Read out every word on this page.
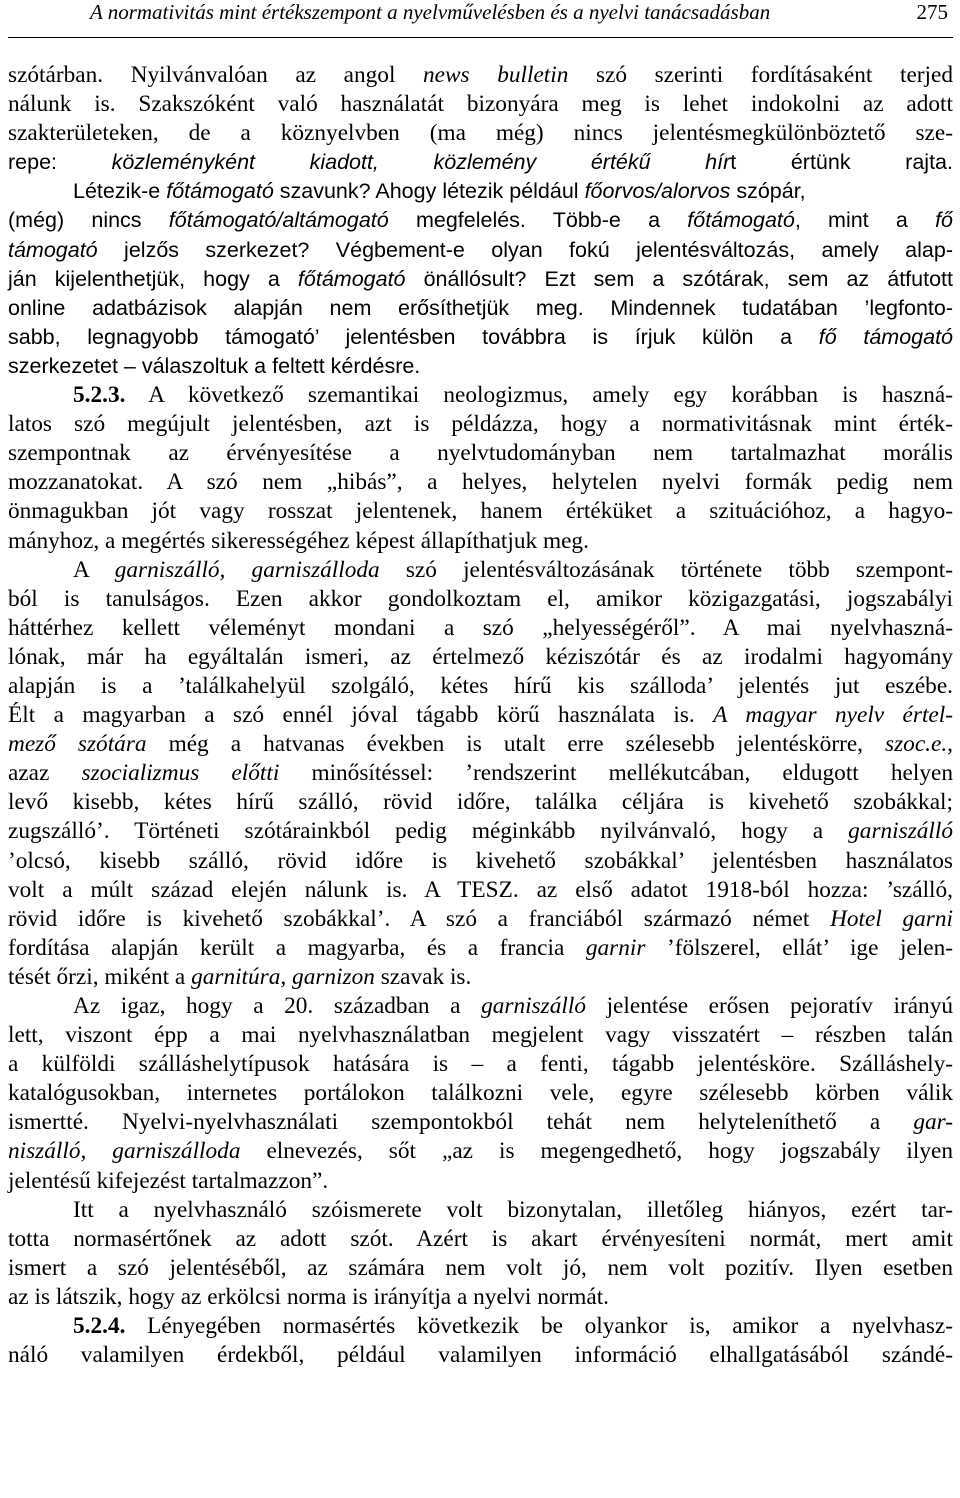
A normativitás mint értékszempont a nyelvművelésben és a nyelvi tanácsadásban	275
szótárban. Nyilvánvalóan az angol news bulletin szó szerinti fordításaként terjed
nálunk is. Szakszóként való használatát bizonyára meg is lehet indokolni az adott
szakterületeken, de a köznyelvben (ma még) nincs jelentésmegkülönböztető sze-
repe: közleményként kiadott, közlemény értékű hírt értünk rajta.
Létezik-e főtámogató szavunk? Ahogy létezik például főorvos/alorvos szópár,
(még) nincs főtámogató/altámogató megfelelés. Több-e a főtámogató, mint a fő
támogató jelzős szerkezet? Végbement-e olyan fokú jelentésváltozás, amely alap-
ján kijelenthetjük, hogy a főtámogató önállósult? Ezt sem a szótárak, sem az átfutott
online adatbázisok alapján nem erősíthetjük meg. Mindennek tudatában ’legfonto-
sabb, legnagyobb támogató’ jelentésben továbbra is írjuk külön a fő támogató
szerkezetet – válaszoltuk a feltett kérdésre.
5.2.3. A következő szemantikai neologizmus, amely egy korábban is haszná-
latos szó megújult jelentésben, azt is példázza, hogy a normativitásnak mint érték-
szempontnak az érvényesítése a nyelvtudományban nem tartalmazhat morális
mozzanatokat. A szó nem „hibás”, a helyes, helytelen nyelvi formák pedig nem
önmagukban jót vagy rosszat jelentenek, hanem értéküket a szituációhoz, a hagyo-
mányhoz, a megértés sikerességéhez képest állapíthatjuk meg.
A garniszálló, garniszálloda szó jelentésváltozásának története több szempont-
ból is tanulságos. Ezen akkor gondolkoztam el, amikor közigazgatási, jogszabályi
háttérhez kellett véleményt mondani a szó „helyességéről”. A mai nyelvhaszná-
lónak, már ha egyáltalán ismeri, az értelmező kéziszótár és az irodalmi hagyomány
alapján is a ’találkahelyül szolgáló, kétes hírű kis szálloda’ jelentés jut eszébe.
Élt a magyarban a szó ennél jóval tágabb körű használata is. A magyar nyelv értel-
mező szótára még a hatvanas években is utalt erre szélesebb jelentéskörre, szoc.e.,
azaz szocializmus előtti minősítéssel: ’rendszerint mellékutcában, eldugott helyen
levő kisebb, kétes hírű szálló, rövid időre, találka céljára is kivehető szobákkal;
zugszálló’. Történeti szótárainkból pedig méginkább nyilvánvaló, hogy a garniszálló
’olcsó, kisebb szálló, rövid időre is kivehető szobákkal’ jelentésben használatos
volt a múlt század elején nálunk is. A TESZ. az első adatot 1918-ból hozza: ’szálló,
rövid időre is kivehető szobákkal’. A szó a franciából származó német Hotel garni
fordítása alapján került a magyarba, és a francia garnir ’fölszerel, ellát’ ige jelen-
tését őrzi, miként a garnitúra, garnizon szavak is.
Az igaz, hogy a 20. században a garniszálló jelentése erősen pejoratív irányú
lett, viszont épp a mai nyelvhasználatban megjelent vagy visszatért – részben talán
a külföldi szálláshelytípusok hatására is – a fenti, tágabb jelentésköre. Szálláshely-
katalógusokban, internetes portálokon találkozni vele, egyre szélesebb körben válik
ismertté. Nyelvi-nyelvhasználati szempontokból tehát nem helyteleníthető a gar-
niszálló, garniszálloda elnevezés, sőt „az is megengedhető, hogy jogszabály ilyen
jelentésű kifejezést tartalmazzon”.
Itt a nyelvhasználó szóismerete volt bizonytalan, illetőleg hiányos, ezért tar-
totta normasértőnek az adott szót. Azért is akart érvényesíteni normát, mert amit
ismert a szó jelentéséből, az számára nem volt jó, nem volt pozitív. Ilyen esetben
az is látszik, hogy az erkölcsi norma is irányítja a nyelvi normát.
5.2.4. Lényegében normasértés következik be olyankor is, amikor a nyelvhasz-
náló valamilyen érdekből, például valamilyen információ elhallgatásából szándé-
